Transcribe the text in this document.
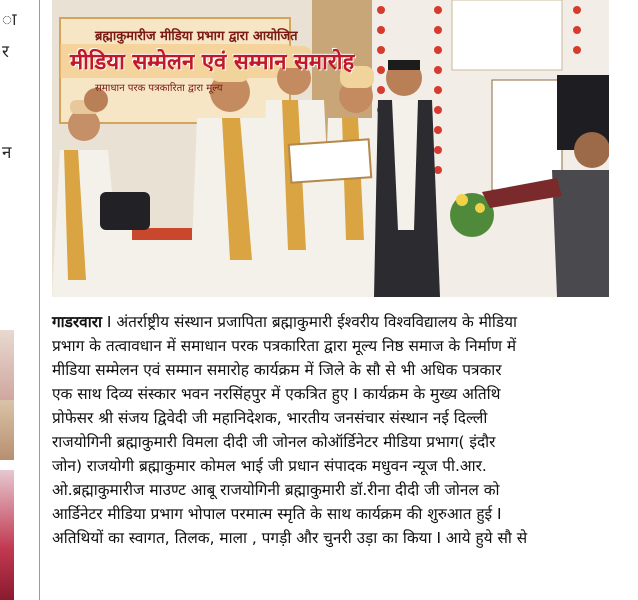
ा
र
न
ब्रह्माकुमारीज मीडिया प्रभाग द्वारा आयोजित
मीडिया सम्मेलन एवं सम्मान समारोह
समाधान परक पत्रकारिता द्वारा मूल्य

गाडरवारा I अंतर्राष्ट्रीय संस्थान प्रजापिता ब्रह्माकुमारी ईश्वरीय विश्वविद्यालय के मीडिया
प्रभाग के तत्वावधान में समाधान परक पत्रकारिता द्वारा मूल्य निष्ठ समाज के निर्माण में
मीडिया सम्मेलन एवं सम्मान समारोह कार्यक्रम में जिले के सौ से भी अधिक पत्रकार
एक साथ दिव्य संस्कार भवन नरसिंहपुर में एकत्रित हुए I कार्यक्रम के मुख्य अतिथि
प्रोफेसर श्री संजय द्विवेदी जी महानिदेशक, भारतीय जनसंचार संस्थान नई दिल्ली
राजयोगिनी ब्रह्माकुमारी विमला दीदी जी जोनल कोऑर्डिनेटर मीडिया प्रभाग( इंदौर
जोन) राजयोगी ब्रह्माकुमार कोमल भाई जी प्रधान संपादक मधुवन न्यूज पी.आर.
ओ.ब्रह्माकुमारीज माउण्ट आबू राजयोगिनी ब्रह्माकुमारी डॉ.रीना दीदी जी जोनल को
आर्डिनेटर मीडिया प्रभाग भोपाल परमात्म स्मृति के साथ कार्यक्रम की शुरुआत हुई I
अतिथियों का स्वागत, तिलक, माला , पगड़ी और चुनरी उड़ा का किया I आये हुये सौ से
